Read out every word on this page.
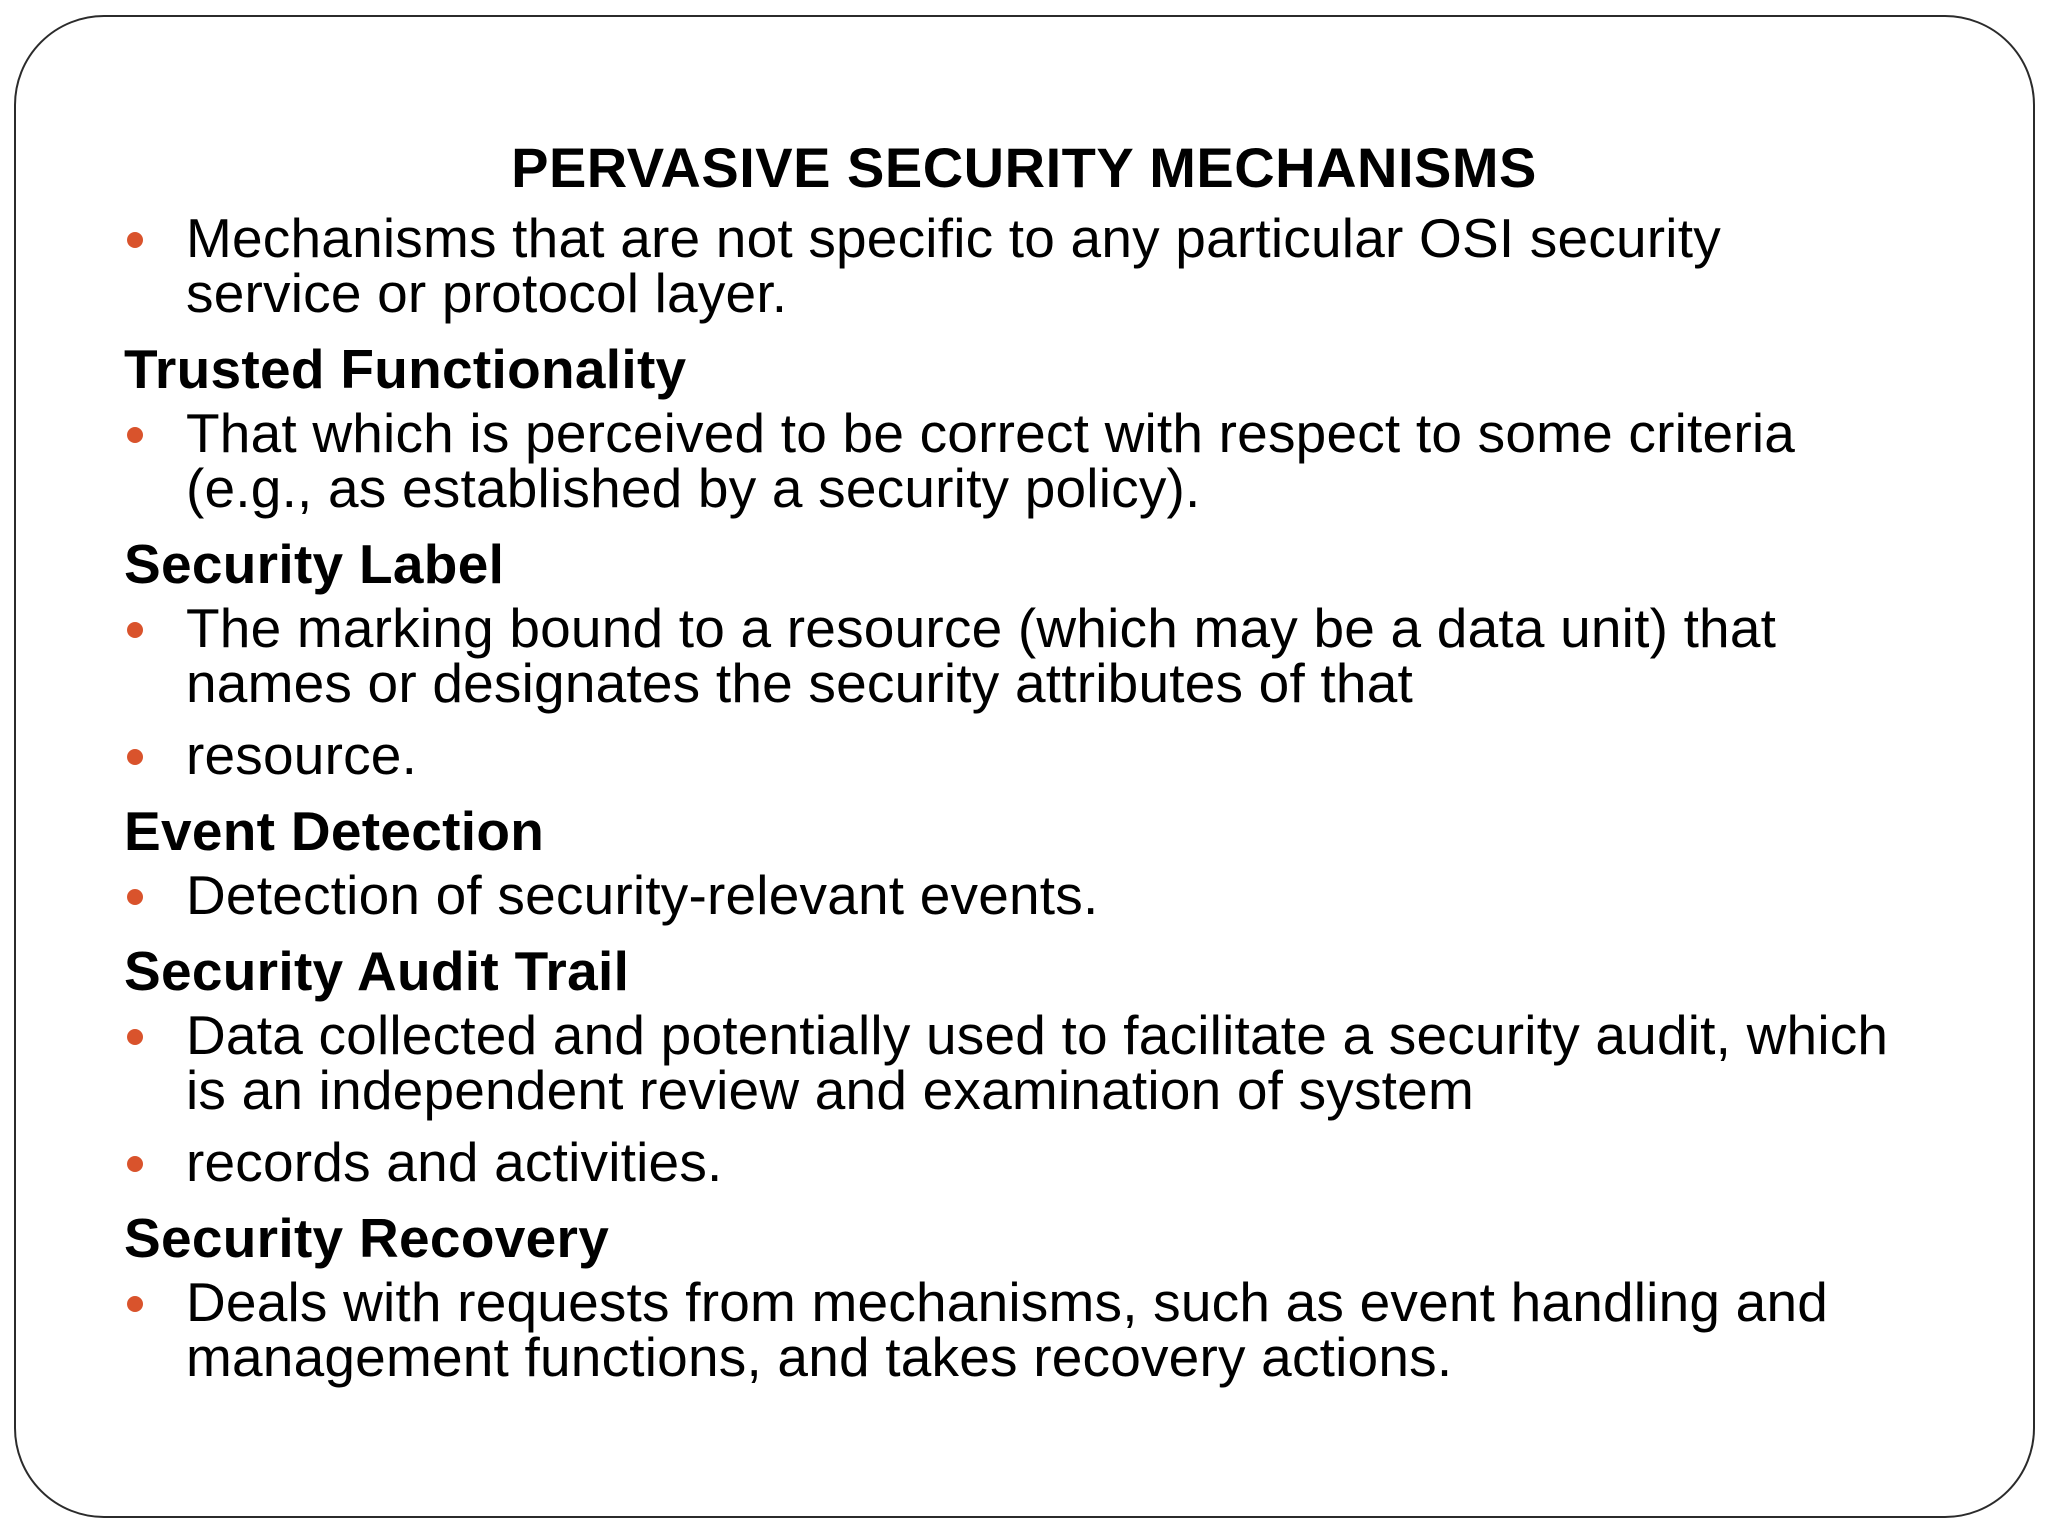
PERVASIVE SECURITY MECHANISMS
Mechanisms that are not specific to any particular OSI security service or protocol layer.
Trusted Functionality
That which is perceived to be correct with respect to some criteria (e.g., as established by a security policy).
Security Label
The marking bound to a resource (which may be a data unit) that names or designates the security attributes of that
resource.
Event Detection
Detection of security-relevant events.
Security Audit Trail
Data collected and potentially used to facilitate a security audit, which is an independent review and examination of system
records and activities.
Security Recovery
Deals with requests from mechanisms, such as event handling and management functions, and takes recovery actions.
